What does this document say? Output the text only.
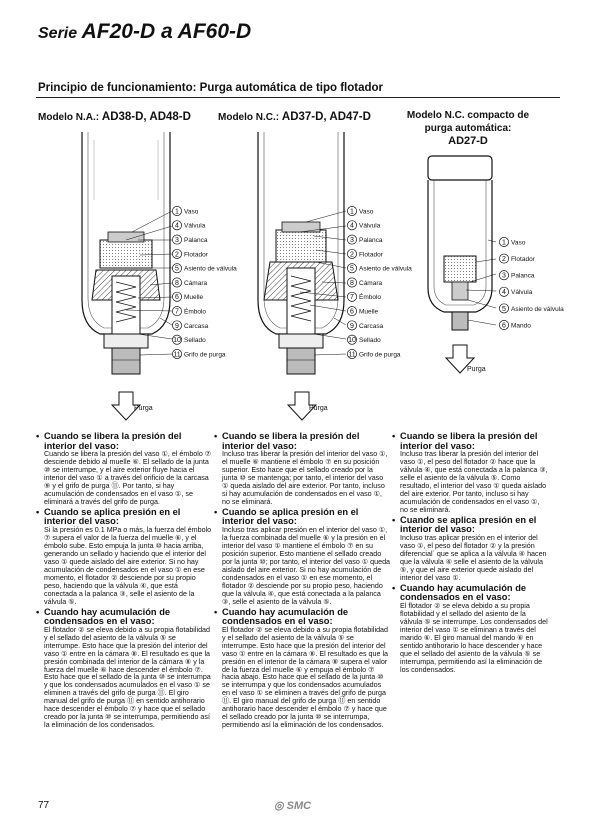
Serie AF20-D a AF60-D
Principio de funcionamiento: Purga automática de tipo flotador
Modelo N.A.: AD38-D, AD48-D	Modelo N.C.: AD37-D, AD47-D	Modelo N.C. compacto de
purga automática:
AD27-D
1 Vaso
4 Válvula
3 Palanca
2 Flotador
5 Asiento de válvula
8 Cámara
6 Muelle
7 Émbolo
9 Carcasa
10 Sellado
11 Grifo de purga
1 Vaso
4 Válvula
3 Palanca
2 Flotador
5 Asiento de válvula
8 Cámara
7 Émbolo
6 Muelle
9 Carcasa
10 Sellado
11 Grifo de purga
1 Vaso
2 Flotador
3 Palanca
4 Válvula
5 Asiento de válvula
6 Mando
Purga	Purga
Purga

• Cuando se libera la presión del interior del vaso:

Cuando se libera la presión del vaso ①, el émbolo ⑦ desciende debido al muelle ⑥. El sellado de la junta ⑩ se interrumpe, y el aire exterior fluye hacia el interior del vaso ① a través del orificio de la carcasa ⑨ y el grifo de purga ⑪. Por tanto, si hay acumulación de condensados en el vaso ①, se eliminará a través del grifo de purga.

• Cuando se aplica presión en el interior del vaso:

Si la presión es 0.1 MPa o más, la fuerza del émbolo ⑦ supera el valor de la fuerza del muelle ⑥, y el émbolo sube. Esto empuja la junta ⑩ hacia arriba, generando un sellado y haciendo que el interior del vaso ① quede aislado del aire exterior. Si no hay acumulación de condensados en el vaso ① en ese momento, el flotador ② desciende por su propio peso, haciendo que la válvula ④, que está conectada a la palanca ③, selle el asiento de la válvula ⑤.

• Cuando hay acumulación de condensados en el vaso:

El flotador ② se eleva debido a su propia flotabilidad y el sellado del asiento de la válvula ⑤ se interrumpe. Esto hace que la presión del interior del vaso ① entre en la cámara ⑧. El resultado es que la presión combinada del interior de la cámara ⑧ y la fuerza del muelle ⑥ hace descender el émbolo ⑦. Esto hace que el sellado de la junta ⑩ se interrumpa y que los condensados acumulados en el vaso ① se eliminen a través del grifo de purga ⑪. El giro manual del grifo de purga ⑪ en sentido antihorario hace descender el émbolo ⑦ y hace que el sellado creado por la junta ⑩ se interrumpa, permitiendo así la eliminación de los condensados.

• Cuando se libera la presión del interior del vaso:

Incluso tras liberar la presión del interior del vaso ①, el muelle ⑥ mantiene el émbolo ⑦ en su posición superior. Esto hace que el sellado creado por la junta ⑩ se mantenga; por tanto, el interior del vaso ① queda aislado del aire exterior. Por tanto, incluso si hay acumulación de condensados en el vaso ①, no se eliminará.

• Cuando se aplica presión en el interior del vaso:

Incluso tras aplicar presión en el interior del vaso ①, la fuerza combinada del muelle ⑥ y la presión en el interior del vaso ① mantiene el émbolo ⑦ en su posición superior. Esto mantiene el sellado creado por la junta ⑩; por tanto, el interior del vaso ① queda aislado del aire exterior. Si no hay acumulación de condensados en el vaso ① en ese momento, el flotador ② desciende por su propio peso, haciendo que la válvula ④, que está conectada a la palanca ③, selle el asiento de la válvula ⑤.

• Cuando hay acumulación de condensados en el vaso:

El flotador ② se eleva debido a su propia flotabilidad y el sellado del asiento de la válvula ⑤ se interrumpe. Esto hace que la presión del interior del vaso ① entre en la cámara ⑧. El resultado es que la presión en el interior de la cámara ⑧ supera el valor de la fuerza del muelle ⑥ y empuja el émbolo ⑦ hacia abajo. Esto hace que el sellado de la junta ⑩ se interrumpa y que los condensados acumulados en el vaso ① se eliminen a través del grifo de purga ⑪. El giro manual del grifo de purga ⑪ en sentido antihorario hace descender el émbolo ⑦ y hace que el sellado creado por la junta ⑩ se interrumpa, permitiendo así la eliminación de los condensados.

• Cuando se libera la presión del interior del vaso:

Incluso tras liberar la presión del interior del vaso ①, el peso del flotador ② hace que la válvula ④, que está conectada a la palanca ③, selle el asiento de la válvula ⑤. Como resultado, el interior del vaso ① queda aislado del aire exterior. Por tanto, incluso si hay acumulación de condensados en el vaso ①, no se eliminará.

• Cuando se aplica presión en el interior del vaso:

Incluso tras aplicar presión en el interior del vaso ①, el peso del flotador ② y la presión diferencial´ que se aplica a la válvula ④ hacen que la válvula ④ selle el asiento de la válvula ⑤, y que el aire exterior quede aislado del interior del vaso ①.

• Cuando hay acumulación de condensados en el vaso:

El flotador ② se eleva debido a su propia flotabilidad y el sellado del asiento de la válvula ⑤ se interrumpe. Los condensados del interior del vaso ① se eliminan a través del mando ⑥. El giro manual del mando ⑥ en sentido antihorario lo hace descender y hace que el sellado del asiento de la válvula ⑤ se interrumpa, permitiendo así la eliminación de los condensados.

77	◎ SMC
